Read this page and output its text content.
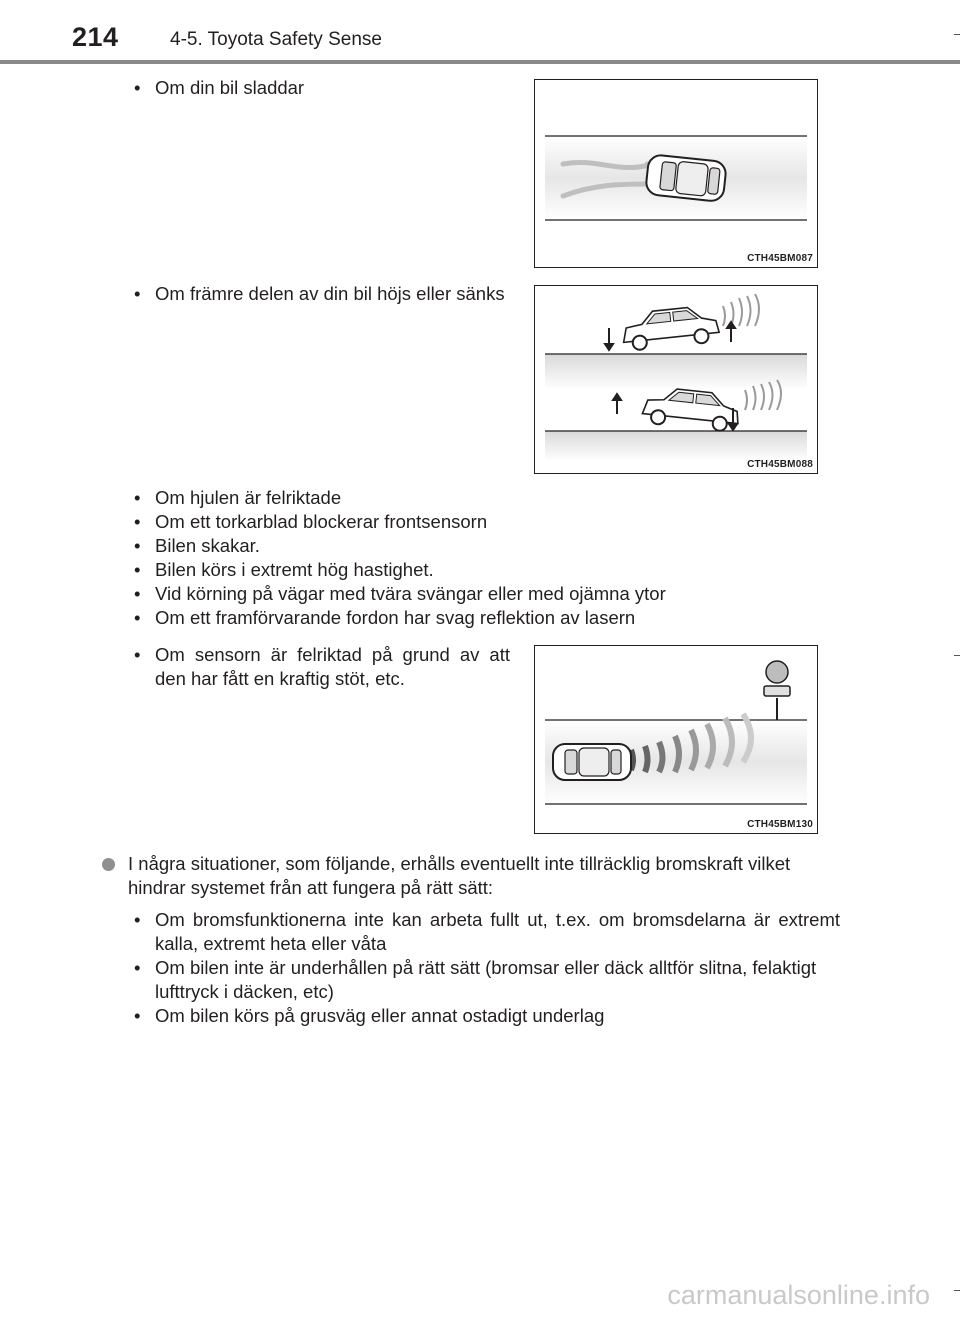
214	4-5. Toyota Safety Sense
• Om din bil sladdar
CTH45BM087
• Om främre delen av din bil höjs eller sänks
CTH45BM088
• Om hjulen är felriktade
• Om ett torkarblad blockerar frontsensorn
• Bilen skakar.
• Bilen körs i extremt hög hastighet.
• Vid körning på vägar med tvära svängar eller med ojämna ytor
• Om ett framförvarande fordon har svag reflektion av lasern
• Om sensorn är felriktad på grund av att den har fått en kraftig stöt, etc.
CTH45BM130
I några situationer, som följande, erhålls eventuellt inte tillräcklig bromskraft vilket hindrar systemet från att fungera på rätt sätt:
• Om bromsfunktionerna inte kan arbeta fullt ut, t.ex. om bromsdelarna är extremt kalla, extremt heta eller våta
• Om bilen inte är underhållen på rätt sätt (bromsar eller däck alltför slitna, felaktigt lufttryck i däcken, etc)
• Om bilen körs på grusväg eller annat ostadigt underlag
carmanualsonline.info
